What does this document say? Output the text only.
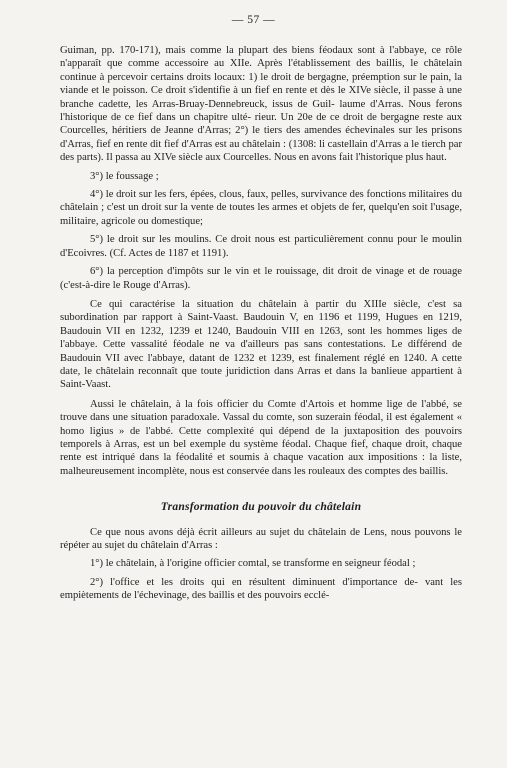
— 57 —

Guiman, pp. 170-171), mais comme la plupart des biens féodaux sont à l'abbaye, ce rôle n'apparaît que comme accessoire au XIIe. Après l'établissement des baillis, le châtelain continue à percevoir certains droits locaux: 1) le droit de bergagne, préemption sur le pain, la viande et le poisson. Ce droit s'identifie à un fief en rente et dès le XIVe siècle, il passe à une branche cadette, les Arras-Bruay-Dennebreuck, issus de Guil- laume d'Arras. Nous ferons l'historique de ce fief dans un chapitre ulté- rieur. Un 20e de ce droit de bergagne reste aux Courcelles, héritiers de Jeanne d'Arras; 2°) le tiers des amendes échevinales sur les prisons d'Arras, fief en rente dit fief d'Arras est au châtelain : (1308: li castellain d'Arras a le tierch par des parts). Il passa au XIVe siècle aux Courcelles. Nous en avons fait l'historique plus haut.

3°) le foussage ;

4°) le droit sur les fers, épées, clous, faux, pelles, survivance des fonctions militaires du châtelain ; c'est un droit sur la vente de toutes les armes et objets de fer, quelqu'en soit l'usage, militaire, agricole ou domestique;

5°) le droit sur les moulins. Ce droit nous est particulièrement connu pour le moulin d'Ecoivres. (Cf. Actes de 1187 et 1191).

6°) la perception d'impôts sur le vin et le rouissage, dit droit de vinage et de rouage (c'est-à-dire le Rouge d'Arras).

Ce qui caractérise la situation du châtelain à partir du XIIIe siècle, c'est sa subordination par rapport à Saint-Vaast. Baudouin V, en 1196 et 1199, Hugues en 1219, Baudouin VII en 1232, 1239 et 1240, Baudouin VIII en 1263, sont les hommes liges de l'abbaye. Cette vassalité féodale ne va d'ailleurs pas sans contestations. Le différend de Baudouin VII avec l'abbaye, datant de 1232 et 1239, est finalement réglé en 1240. A cette date, le châtelain reconnaît que toute juridiction dans Arras et dans la banlieue appartient à Saint-Vaast.

Aussi le châtelain, à la fois officier du Comte d'Artois et homme lige de l'abbé, se trouve dans une situation paradoxale. Vassal du comte, son suzerain féodal, il est également « homo ligius » de l'abbé. Cette complexité qui dépend de la juxtaposition des pouvoirs temporels à Arras, est un bel exemple du système féodal. Chaque fief, chaque droit, chaque rente est intriqué dans la féodalité et soumis à chaque vacation aux impositions : la liste, malheureusement incomplète, nous est conservée dans les rouleaux des comptes des baillis.

Transformation du pouvoir du châtelain

Ce que nous avons déjà écrit ailleurs au sujet du châtelain de Lens, nous pouvons le répéter au sujet du châtelain d'Arras :

1°) le châtelain, à l'origine officier comtal, se transforme en seigneur féodal ;

2°) l'office et les droits qui en résultent diminuent d'importance de- vant les empiètements de l'échevinage, des baillis et des pouvoirs ecclé-
